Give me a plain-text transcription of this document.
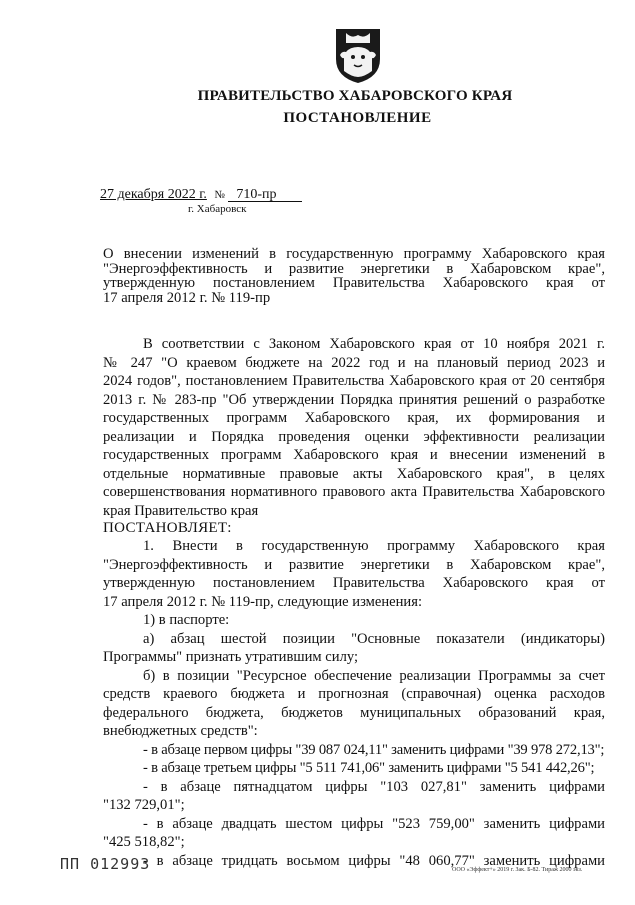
ПРАВИТЕЛЬСТВО ХАБАРОВСКОГО КРАЯ
ПОСТАНОВЛЕНИЕ
27 декабря 2022 г. № 710-пр
г. Хабаровск
О внесении изменений в государственную программу Хабаровского края
"Энергоэффективность и развитие энергетики в Хабаровском крае",
утвержденную постановлением Правительства Хабаровского края от
17 апреля 2012 г. № 119-пр

В соответствии с Законом Хабаровского края от 10 ноября 2021 г.
№ 247 "О краевом бюджете на 2022 год и на плановый период 2023 и
2024 годов", постановлением Правительства Хабаровского края от 20 сентября
2013 г. № 283-пр "Об утверждении Порядка принятия решений о разработке
государственных программ Хабаровского края, их формирования и
реализации и Порядка проведения оценки эффективности реализации
государственных программ Хабаровского края и внесении изменений в
отдельные нормативные правовые акты Хабаровского края", в целях
совершенствования нормативного правового акта Правительства Хабаровского
края Правительство края

ПОСТАНОВЛЯЕТ:

1. Внести в государственную программу Хабаровского края
"Энергоэффективность и развитие энергетики в Хабаровском крае",
утвержденную постановлением Правительства Хабаровского края от
17 апреля 2012 г. № 119-пр, следующие изменения:

1) в паспорте:

а) абзац шестой позиции "Основные показатели (индикаторы)
Программы" признать утратившим силу;

б) в позиции "Ресурсное обеспечение реализации Программы за счет
средств краевого бюджета и прогнозная (справочная) оценка расходов
федерального бюджета, бюджетов муниципальных образований края,
внебюджетных средств":

- в абзаце первом цифры "39 087 024,11" заменить цифрами "39 978 272,13";

- в абзаце третьем цифры "5 511 741,06" заменить цифрами "5 541 442,26";

- в абзаце пятнадцатом цифры "103 027,81" заменить цифрами
"132 729,01";

- в абзаце двадцать шестом цифры "523 759,00" заменить цифрами
"425 518,82";

- в абзаце тридцать восьмом цифры "48 060,77" заменить цифрами

ПП 012993	ООО «Эффект+» 2019 г. Зак. Б-82. Тираж 2000 экз.
